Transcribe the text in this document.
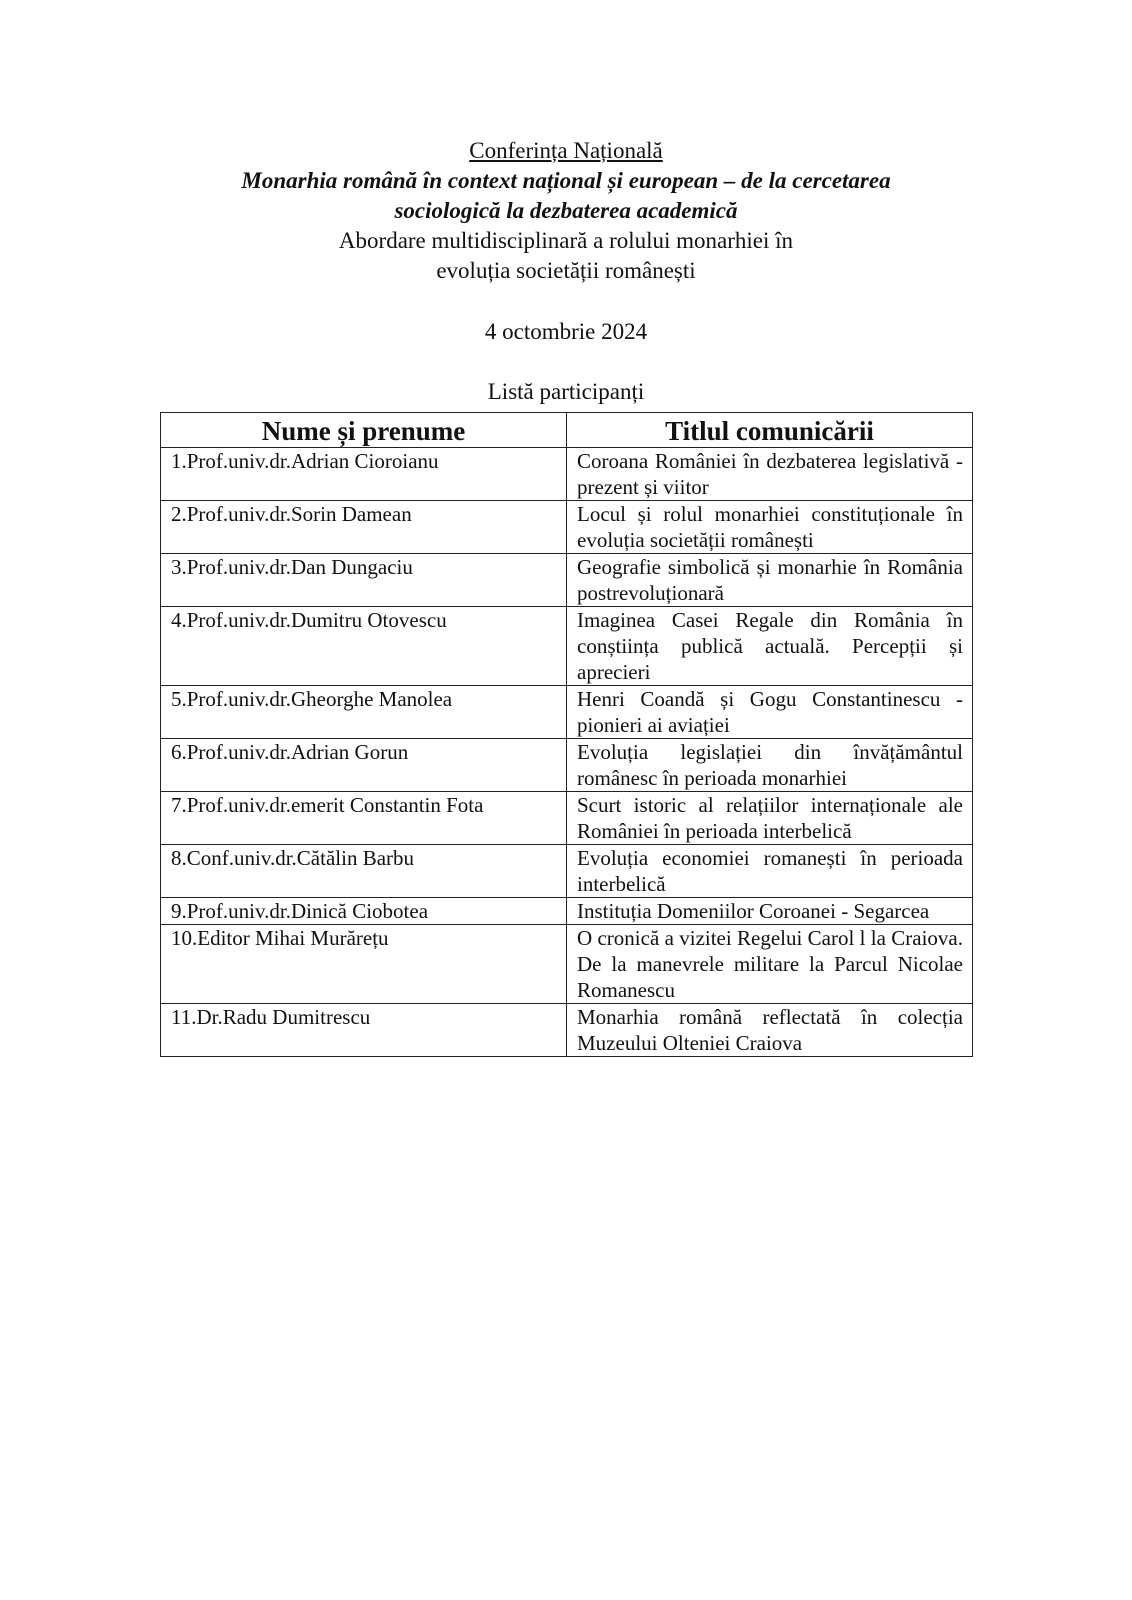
Conferința Națională
Monarhia română în context național și european – de la cercetarea
sociologică la dezbaterea academică
Abordare multidisciplinară a rolului monarhiei în
evoluția societății românești
4 octombrie 2024
Listă participanți
Nume și prenume	Titlul comunicării
1.Prof.univ.dr.Adrian Cioroianu	Coroana României în dezbaterea legislativă - prezent și viitor
2.Prof.univ.dr.Sorin Damean	Locul și rolul monarhiei constituționale în evoluția societății românești
3.Prof.univ.dr.Dan Dungaciu	Geografie simbolică și monarhie în România postrevoluționară
4.Prof.univ.dr.Dumitru Otovescu	Imaginea Casei Regale din România în conștiința publică actuală. Percepții și aprecieri
5.Prof.univ.dr.Gheorghe Manolea	Henri Coandă și Gogu Constantinescu - pionieri ai aviației
6.Prof.univ.dr.Adrian Gorun	Evoluția legislației din învățământul românesc în perioada monarhiei
7.Prof.univ.dr.emerit Constantin Fota	Scurt istoric al relațiilor internaționale ale României în perioada interbelică
8.Conf.univ.dr.Cătălin Barbu	Evoluția economiei romanești în perioada interbelică
9.Prof.univ.dr.Dinică Ciobotea	Instituția Domeniilor Coroanei - Segarcea
10.Editor Mihai Murărețu	O cronică a vizitei Regelui Carol l la Craiova. De la manevrele militare la Parcul Nicolae Romanescu
11.Dr.Radu Dumitrescu	Monarhia română reflectată în colecția Muzeului Olteniei Craiova
